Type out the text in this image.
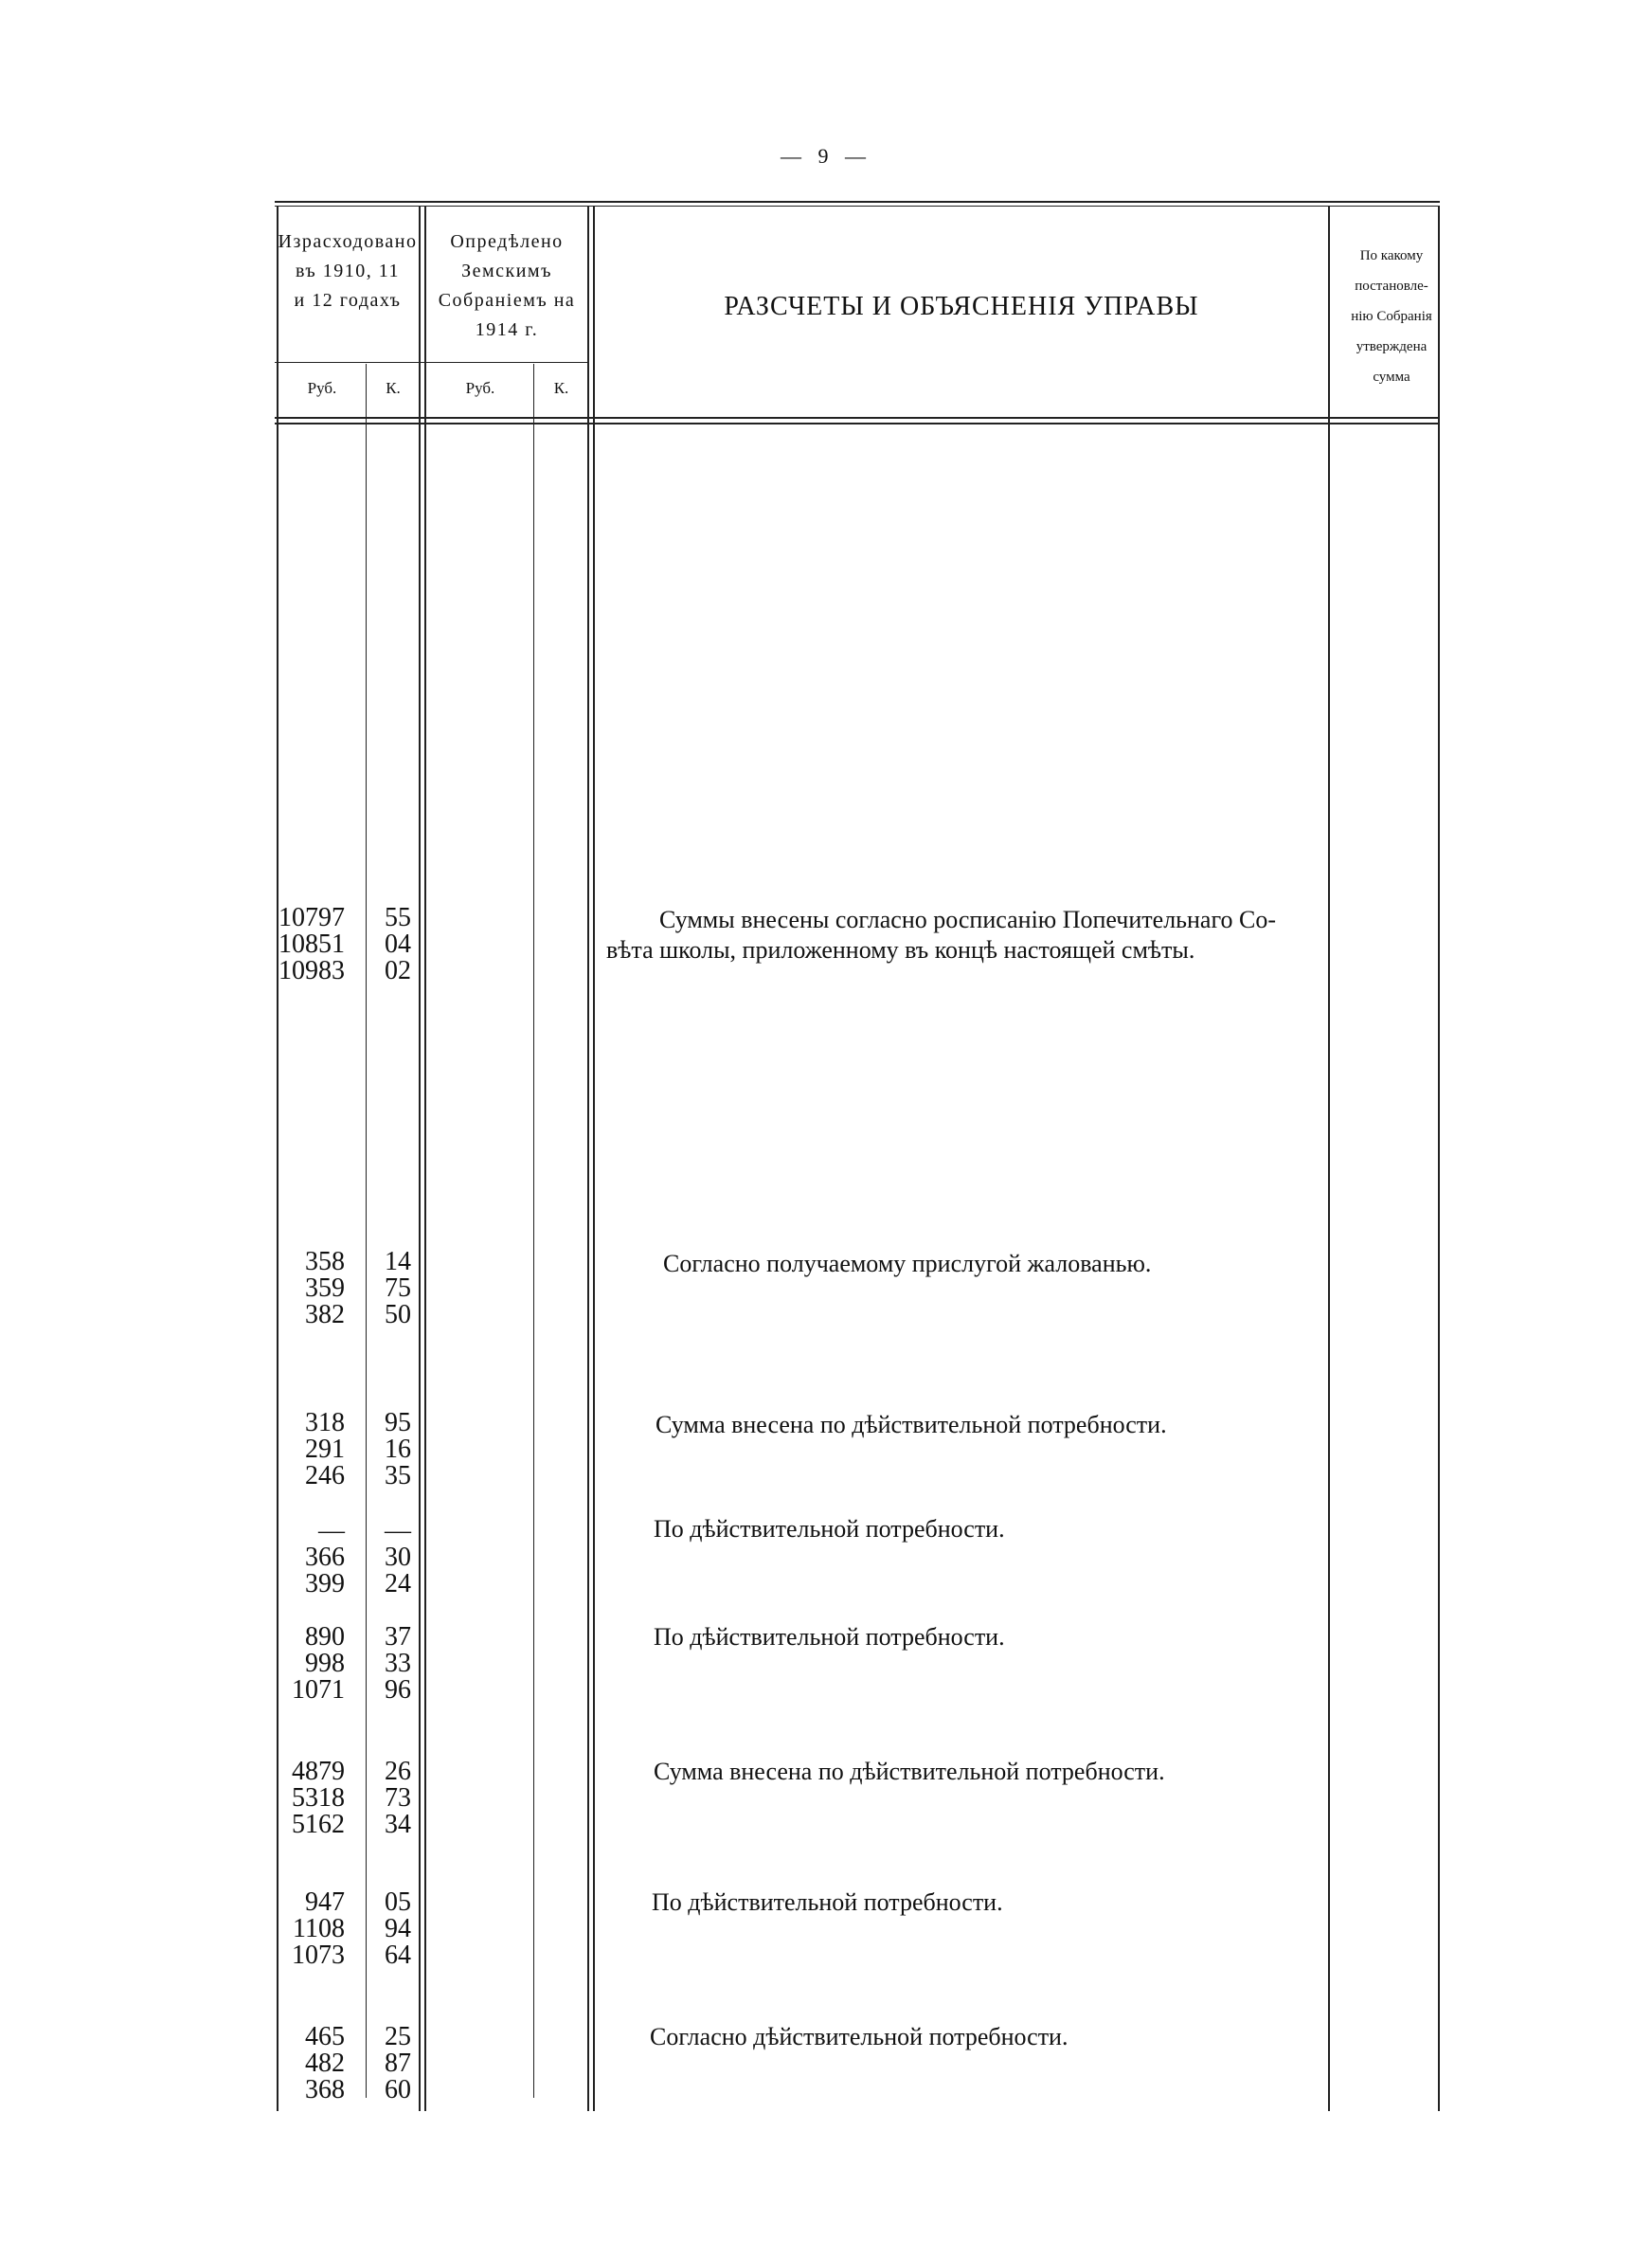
— 9 —
Израсходовано
въ 1910, 11
и 12 годахъ
Опредѣлено
Земскимъ
Собраніемъ на
1914 г.
РАЗСЧЕТЫ И ОБЪЯСНЕНІЯ УПРАВЫ
По какому
постановле-
нію Собранія
утверждена
сумма
Руб.	К.	Руб.	К.
10797 55
10851 04
10983 02
Суммы внесены согласно росписанію Попечительнаго Со-
вѣта школы, приложенному въ концѣ настоящей смѣты.
358 14
359 75
382 50
Согласно получаемому прислугой жалованью.
318 95
291 16
246 35
Сумма внесена по дѣйствительной потребности.
— —
366 30
399 24
По дѣйствительной потребности.
890 37
998 33
1071 96
По дѣйствительной потребности.
4879 26
5318 73
5162 34
Сумма внесена по дѣйствительной потребности.
947 05
1108 94
1073 64
По дѣйствительной потребности.
465 25
482 87
368 60
Согласно дѣйствительной потребности.
